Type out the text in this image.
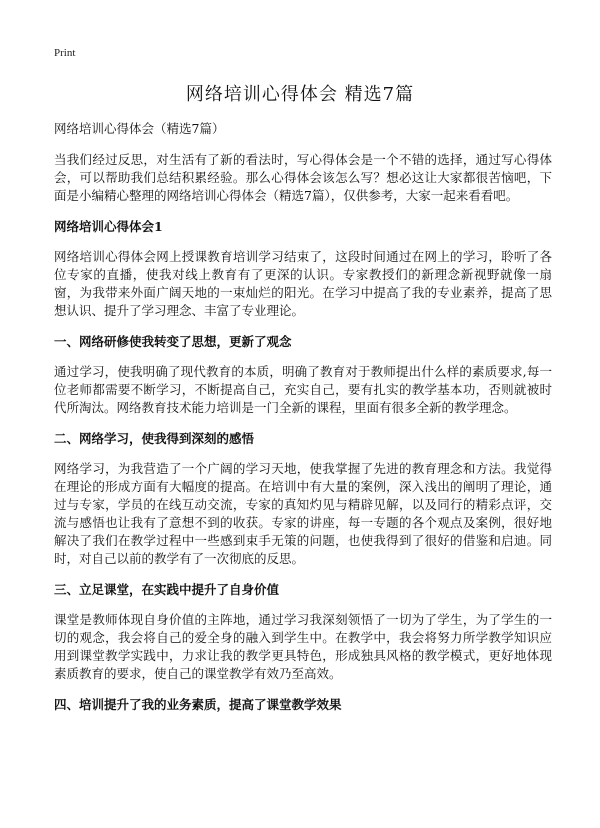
Print
网络培训心得体会 精选7篇
网络培训心得体会（精选7篇）

当我们经过反思，对生活有了新的看法时，写心得体会是一个不错的选择，通过写心得体会，可以帮助我们总结积累经验。那么心得体会该怎么写？想必这让大家都很苦恼吧，下面是小编精心整理的网络培训心得体会（精选7篇），仅供参考，大家一起来看看吧。

网络培训心得体会1

网络培训心得体会网上授课教育培训学习结束了，这段时间通过在网上的学习，聆听了各位专家的直播，使我对线上教育有了更深的认识。专家教授们的新理念新视野就像一扇窗，为我带来外面广阔天地的一束灿烂的阳光。在学习中提高了我的专业素养，提高了思想认识、提升了学习理念、丰富了专业理论。

一、网络研修使我转变了思想，更新了观念

通过学习，使我明确了现代教育的本质，明确了教育对于教师提出什么样的素质要求,每一位老师都需要不断学习，不断提高自己，充实自己，要有扎实的教学基本功，否则就被时代所淘汰。网络教育技术能力培训是一门全新的课程，里面有很多全新的教学理念。

二、网络学习，使我得到深刻的感悟

网络学习，为我营造了一个广阔的学习天地，使我掌握了先进的教育理念和方法。我觉得在理论的形成方面有大幅度的提高。在培训中有大量的案例，深入浅出的阐明了理论，通过与专家，学员的在线互动交流，专家的真知灼见与精辟见解，以及同行的精彩点评，交流与感悟也让我有了意想不到的收获。专家的讲座，每一专题的各个观点及案例，很好地解决了我们在教学过程中一些感到束手无策的问题，也使我得到了很好的借鉴和启迪。同时，对自己以前的教学有了一次彻底的反思。

三、立足课堂，在实践中提升了自身价值

课堂是教师体现自身价值的主阵地，通过学习我深刻领悟了一切为了学生，为了学生的一切的观念，我会将自己的爱全身的融入到学生中。在教学中，我会将努力所学教学知识应用到课堂教学实践中，力求让我的教学更具特色，形成独具风格的教学模式，更好地体现素质教育的要求，使自己的课堂教学有效乃至高效。

四、培训提升了我的业务素质，提高了课堂教学效果
